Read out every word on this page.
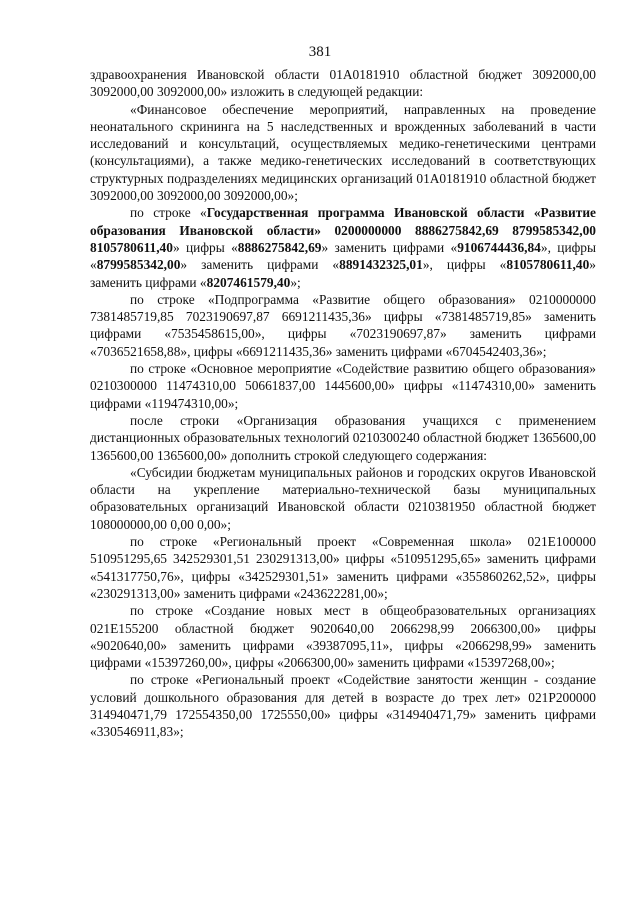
381

здравоохранения Ивановской области 01А0181910 областной бюджет 3092000,00 3092000,00 3092000,00» изложить в следующей редакции:

«Финансовое обеспечение мероприятий, направленных на проведение неонатального скрининга на 5 наследственных и врожденных заболеваний в части исследований и консультаций, осуществляемых медико-генетическими центрами (консультациями), а также медико-генетических исследований в соответствующих структурных подразделениях медицинских организаций 01А0181910 областной бюджет 3092000,00 3092000,00 3092000,00»;

по строке «Государственная программа Ивановской области «Развитие образования Ивановской области» 0200000000 8886275842,69 8799585342,00 8105780611,40» цифры «8886275842,69» заменить цифрами «9106744436,84», цифры «8799585342,00» заменить цифрами «8891432325,01», цифры «8105780611,40» заменить цифрами «8207461579,40»;

по строке «Подпрограмма «Развитие общего образования» 0210000000 7381485719,85 7023190697,87 6691211435,36» цифры «7381485719,85» заменить цифрами «7535458615,00», цифры «7023190697,87» заменить цифрами «7036521658,88», цифры «6691211435,36» заменить цифрами «6704542403,36»;

по строке «Основное мероприятие «Содействие развитию общего образования» 0210300000 11474310,00 50661837,00 1445600,00» цифры «11474310,00» заменить цифрами «119474310,00»;

после строки «Организация образования учащихся с применением дистанционных образовательных технологий 0210300240 областной бюджет 1365600,00 1365600,00 1365600,00» дополнить строкой следующего содержания:

«Субсидии бюджетам муниципальных районов и городских округов Ивановской области на укрепление материально-технической базы муниципальных образовательных организаций Ивановской области 0210381950 областной бюджет 108000000,00 0,00 0,00»;

по строке «Региональный проект «Современная школа» 021Е100000 510951295,65 342529301,51 230291313,00» цифры «510951295,65» заменить цифрами «541317750,76», цифры «342529301,51» заменить цифрами «355860262,52», цифры «230291313,00» заменить цифрами «243622281,00»;

по строке «Создание новых мест в общеобразовательных организациях 021Е155200 областной бюджет 9020640,00 2066298,99 2066300,00» цифры «9020640,00» заменить цифрами «39387095,11», цифры «2066298,99» заменить цифрами «15397260,00», цифры «2066300,00» заменить цифрами «15397268,00»;

по строке «Региональный проект «Содействие занятости женщин - создание условий дошкольного образования для детей в возрасте до трех лет» 021Р200000 314940471,79 172554350,00 1725550,00» цифры «314940471,79» заменить цифрами «330546911,83»;
